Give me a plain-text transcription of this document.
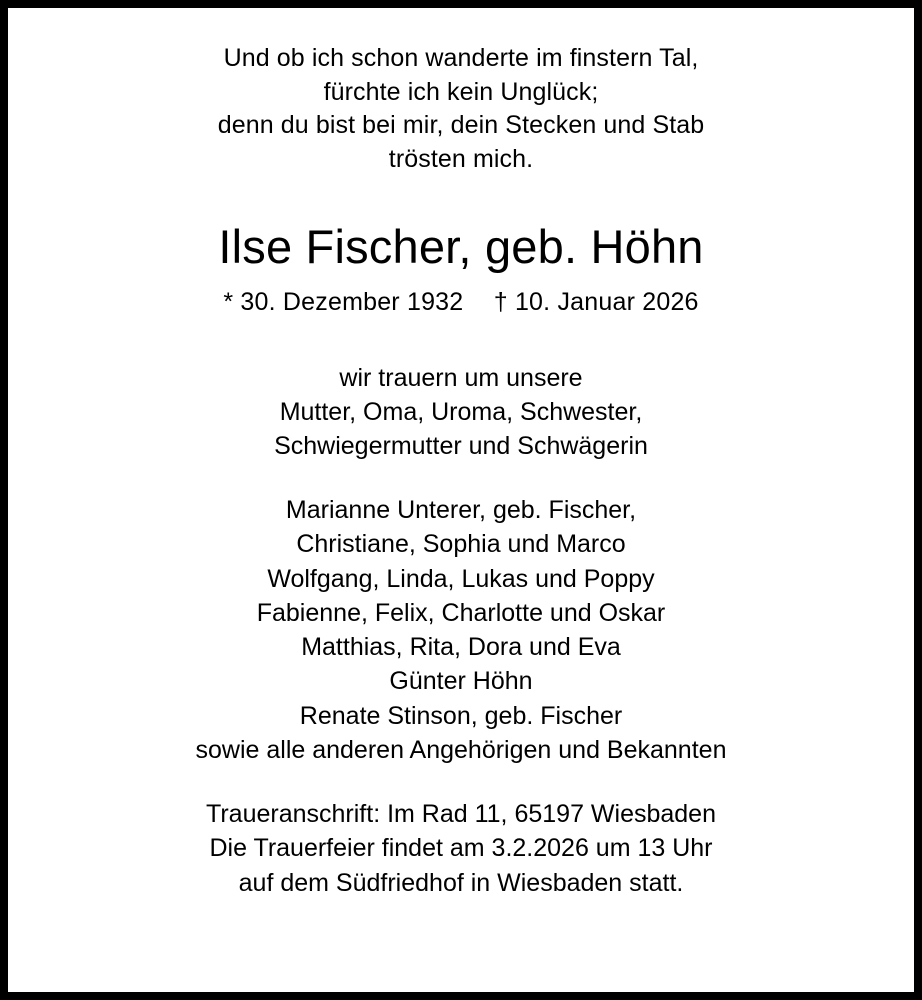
Und ob ich schon wanderte im finstern Tal,
fürchte ich kein Unglück;
denn du bist bei mir, dein Stecken und Stab
trösten mich.
Ilse Fischer, geb. Höhn
* 30. Dezember 1932 † 10. Januar 2026
wir trauern um unsere
Mutter, Oma, Uroma, Schwester,
Schwiegermutter und Schwägerin
Marianne Unterer, geb. Fischer,
Christiane, Sophia und Marco
Wolfgang, Linda, Lukas und Poppy
Fabienne, Felix, Charlotte und Oskar
Matthias, Rita, Dora und Eva
Günter Höhn
Renate Stinson, geb. Fischer
sowie alle anderen Angehörigen und Bekannten
Traueranschrift: Im Rad 11, 65197 Wiesbaden
Die Trauerfeier findet am 3.2.2026 um 13 Uhr
auf dem Südfriedhof in Wiesbaden statt.
